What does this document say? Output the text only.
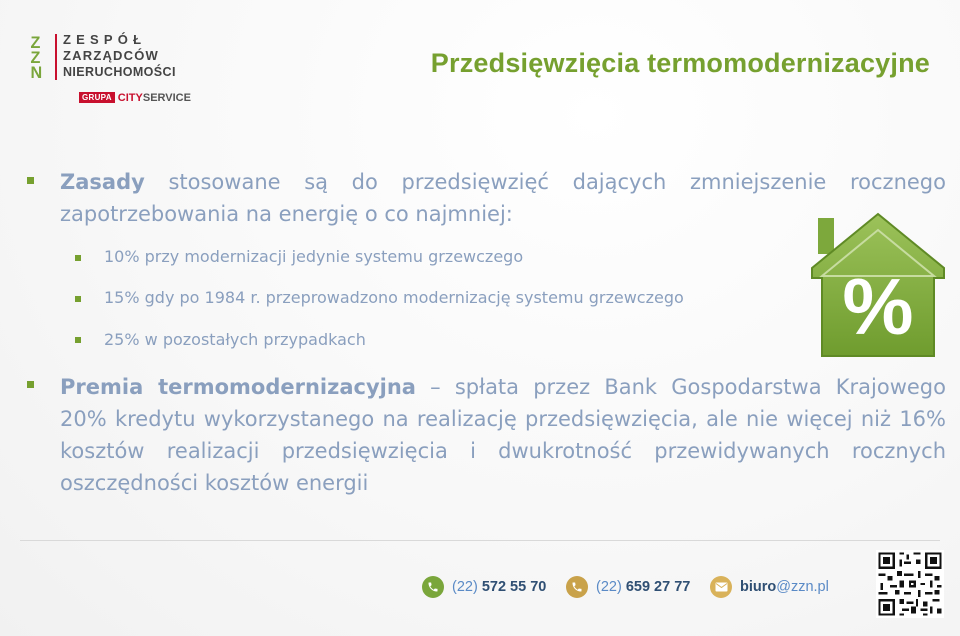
Z
Z
N
ZESPÓŁ
ZARZĄDCÓW
NIERUCHOMOŚCI
GRUPA CITYSERVICE
Przedsięwzięcia termomodernizacyjne
Zasady stosowane są do przedsięwzięć dających zmniejszenie rocznego zapotrzebowania na energię o co najmniej:
10% przy modernizacji jedynie systemu grzewczego
15% gdy po 1984 r. przeprowadzono modernizację systemu grzewczego
25% w pozostałych przypadkach	%
Premia termomodernizacyjna – spłata przez Bank Gospodarstwa Krajowego 20% kredytu wykorzystanego na realizację przedsięwzięcia, ale nie więcej niż 16% kosztów realizacji przedsięwzięcia i dwukrotność przewidywanych rocznych oszczędności kosztów energii
(22) 572 55 70	(22) 659 27 77	biuro@zzn.pl
